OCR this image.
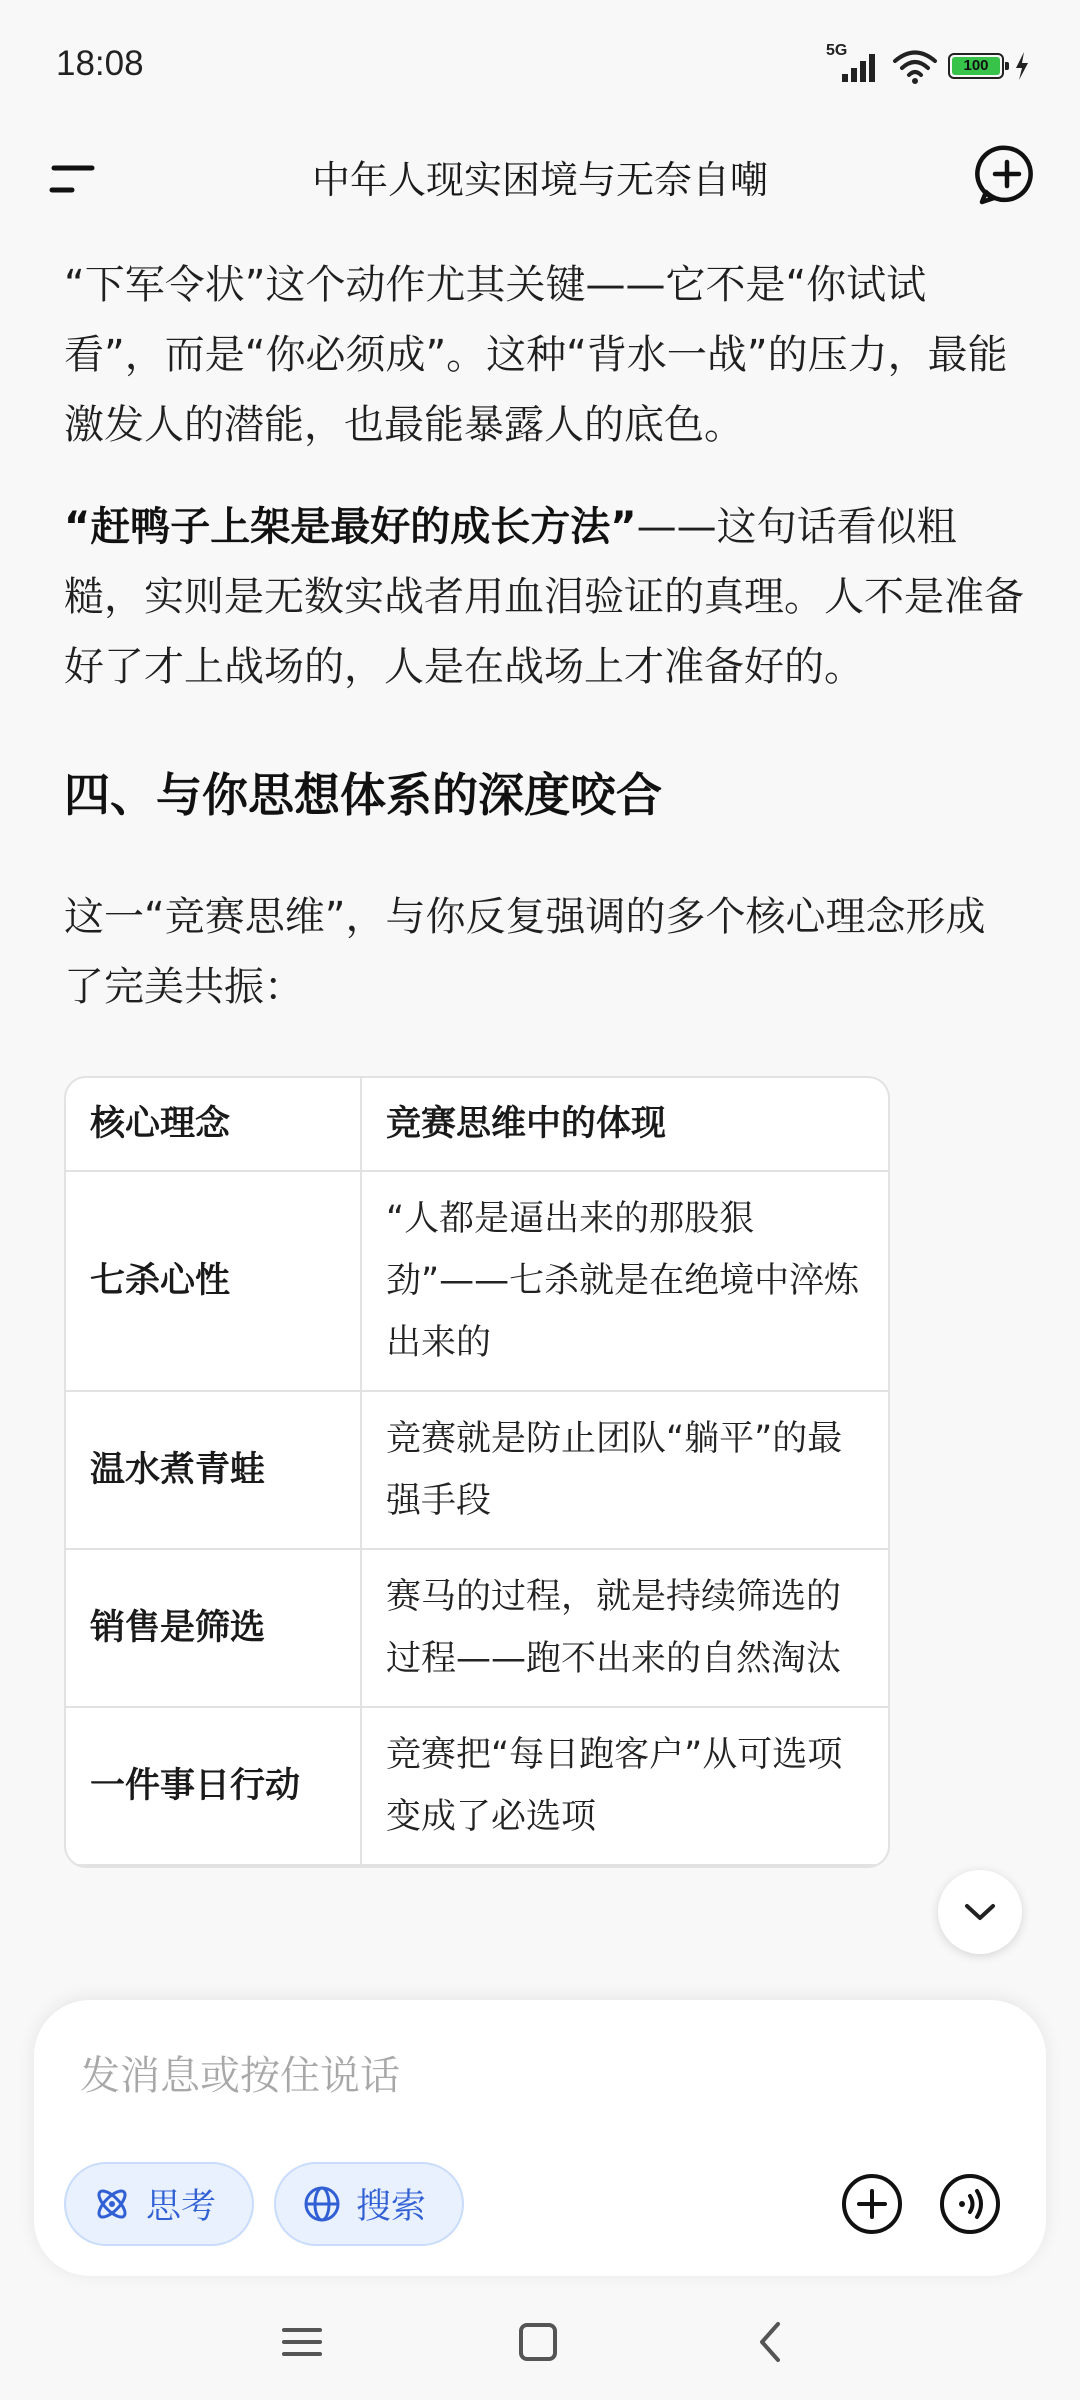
18:08	5G
100
中年人现实困境与无奈自嘲

“下军令状”这个动作尤其关键——它不是“你试试看”，而是“你必须成”。这种“背水一战”的压力，最能激发人的潜能，也最能暴露人的底色。

“赶鸭子上架是最好的成长方法”——这句话看似粗糙，实则是无数实战者用血泪验证的真理。人不是准备好了才上战场的，人是在战场上才准备好的。

四、与你思想体系的深度咬合

这一“竞赛思维”，与你反复强调的多个核心理念形成了完美共振：

核心理念	竞赛思维中的体现
七杀心性	“人都是逼出来的那股狠劲”——七杀就是在绝境中淬炼出来的
温水煮青蛙	竞赛就是防止团队“躺平”的最强手段
销售是筛选	赛马的过程，就是持续筛选的过程——跑不出来的自然淘汰
一件事日行动	竞赛把“每日跑客户”从可选项变成了必选项
发消息或按住说话
思考	搜索
